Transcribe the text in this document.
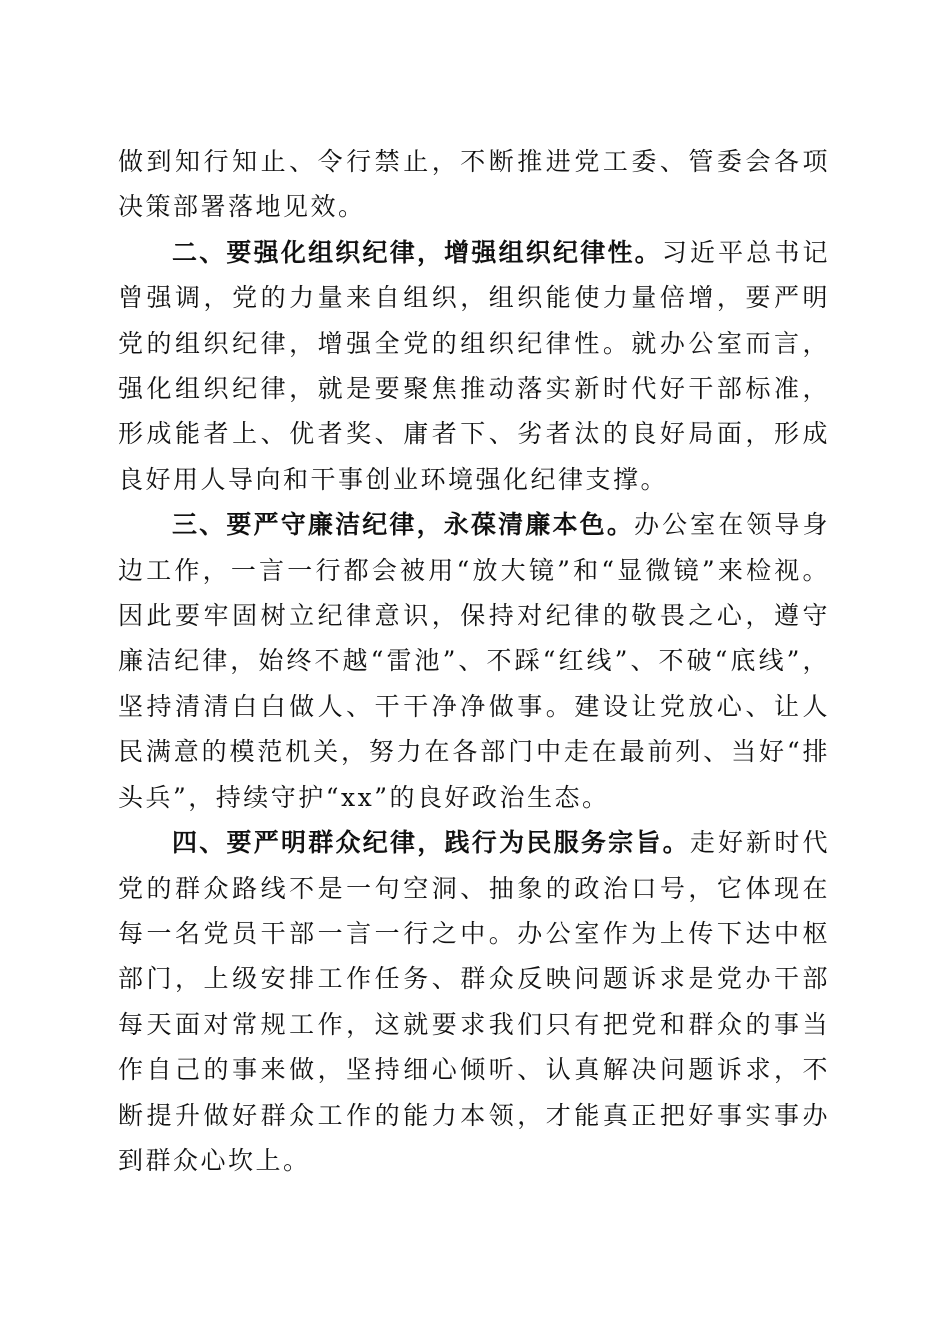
做到知行知止、令行禁止，不断推进党工委、管委会各项决策部署落地见效。

二、要强化组织纪律，增强组织纪律性。习近平总书记曾强调，党的力量来自组织，组织能使力量倍增，要严明党的组织纪律，增强全党的组织纪律性。就办公室而言，强化组织纪律，就是要聚焦推动落实新时代好干部标准，形成能者上、优者奖、庸者下、劣者汰的良好局面，形成良好用人导向和干事创业环境强化纪律支撑。

三、要严守廉洁纪律，永葆清廉本色。办公室在领导身边工作，一言一行都会被用“放大镜”和“显微镜”来检视。因此要牢固树立纪律意识，保持对纪律的敬畏之心，遵守廉洁纪律，始终不越“雷池”、不踩“红线”、不破“底线”，坚持清清白白做人、干干净净做事。建设让党放心、让人民满意的模范机关，努力在各部门中走在最前列、当好“排头兵”，持续守护“xx”的良好政治生态。

四、要严明群众纪律，践行为民服务宗旨。走好新时代党的群众路线不是一句空洞、抽象的政治口号，它体现在每一名党员干部一言一行之中。办公室作为上传下达中枢部门，上级安排工作任务、群众反映问题诉求是党办干部每天面对常规工作，这就要求我们只有把党和群众的事当作自己的事来做，坚持细心倾听、认真解决问题诉求，不断提升做好群众工作的能力本领，才能真正把好事实事办到群众心坎上。
